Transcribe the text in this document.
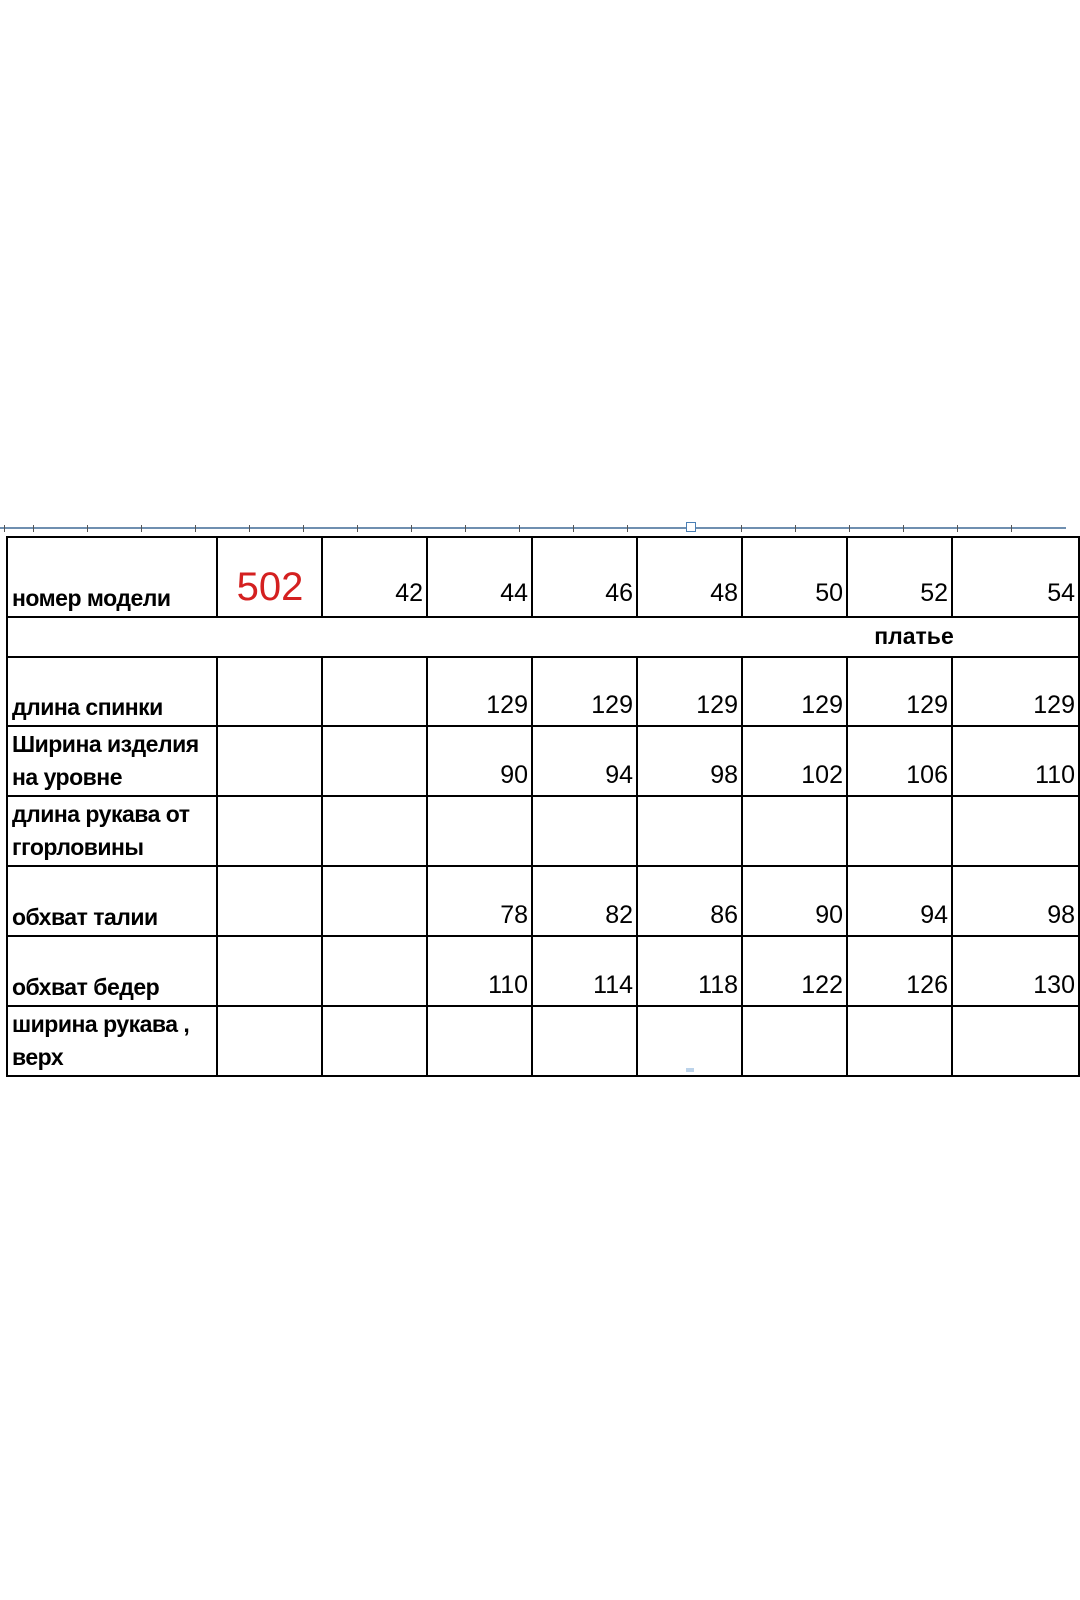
номер модели	502	42	44	46	48	50	52	54
платье								
длина спинки			129	129	129	129	129	129
Ширина изделия на уровне			90	94	98	102	106	110
длина рукава от ггорловины								
обхват талии			78	82	86	90	94	98
обхват бедер			110	114	118	122	126	130
ширина рукава , верх								
